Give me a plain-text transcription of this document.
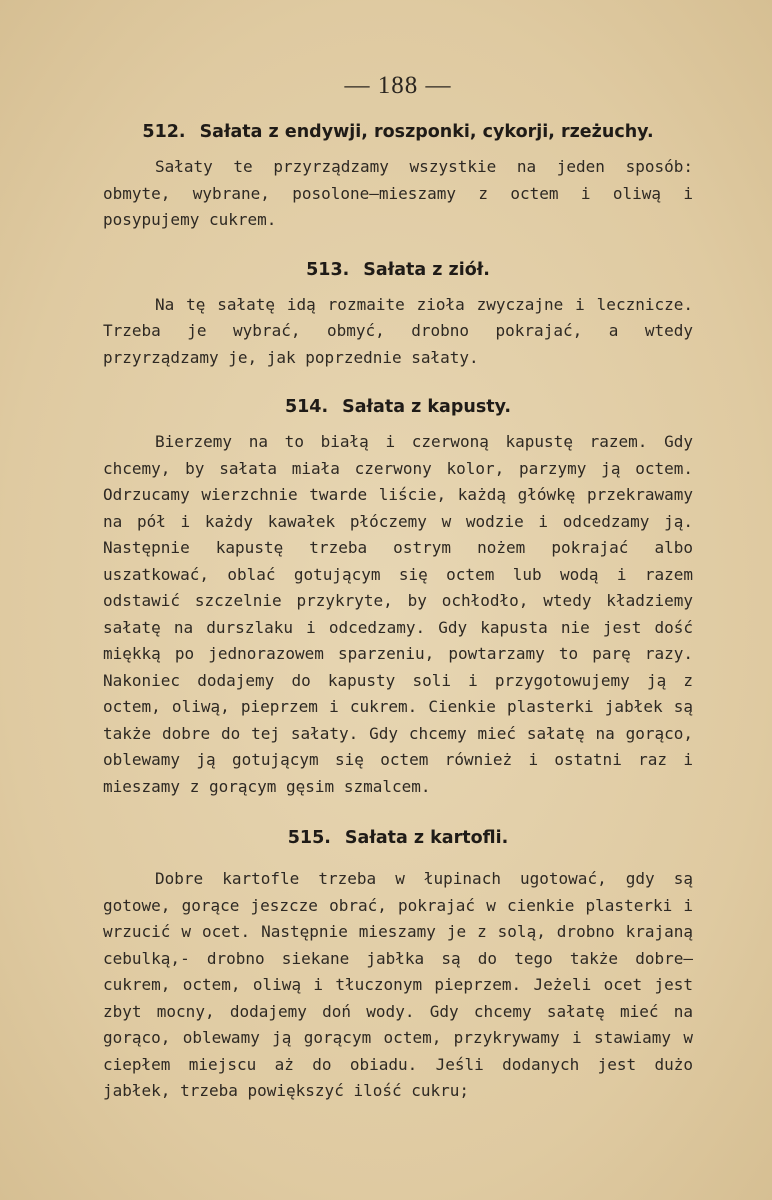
— 188 —
512. Sałata z endywji, roszponki, cykorji, rzeżuchy.

Sałaty te przyrządzamy wszystkie na jeden sposób: obmyte, wybrane, posolone—mieszamy z octem i oliwą i posypujemy cukrem.

513. Sałata z ziół.

Na tę sałatę idą rozmaite zioła zwyczajne i lecznicze. Trzeba je wybrać, obmyć, drobno pokrajać, a wtedy przyrządzamy je, jak poprzednie sałaty.

514. Sałata z kapusty.

Bierzemy na to białą i czerwoną kapustę razem. Gdy chcemy, by sałata miała czerwony kolor, parzymy ją octem. Odrzucamy wierzchnie twarde liście, każdą główkę przekrawamy na pół i każdy kawałek płóczemy w wodzie i odcedzamy ją. Następnie kapustę trzeba ostrym nożem pokrajać albo uszatkować, oblać gotującym się octem lub wodą i razem odstawić szczelnie przykryte, by ochłodło, wtedy kładziemy sałatę na durszlaku i odcedzamy. Gdy kapusta nie jest dość miękką po jednorazowem sparzeniu, powtarzamy to parę razy. Nakoniec dodajemy do kapusty soli i przygotowujemy ją z octem, oliwą, pieprzem i cukrem. Cienkie plasterki jabłek są także dobre do tej sałaty. Gdy chcemy mieć sałatę na gorąco, oblewamy ją gotującym się octem również i ostatni raz i mieszamy z gorącym gęsim szmalcem.

515. Sałata z kartofli.

Dobre kartofle trzeba w łupinach ugotować, gdy są gotowe, gorące jeszcze obrać, pokrajać w cienkie plasterki i wrzucić w ocet. Następnie mieszamy je z solą, drobno krajaną cebulką,- drobno siekane jabłka są do tego także dobre—cukrem, octem, oliwą i tłuczonym pieprzem. Jeżeli ocet jest zbyt mocny, dodajemy doń wody. Gdy chcemy sałatę mieć na gorąco, oblewamy ją gorącym octem, przykrywamy i stawiamy w ciepłem miejscu aż do obiadu. Jeśli dodanych jest dużo jabłek, trzeba powiększyć ilość cukru;
